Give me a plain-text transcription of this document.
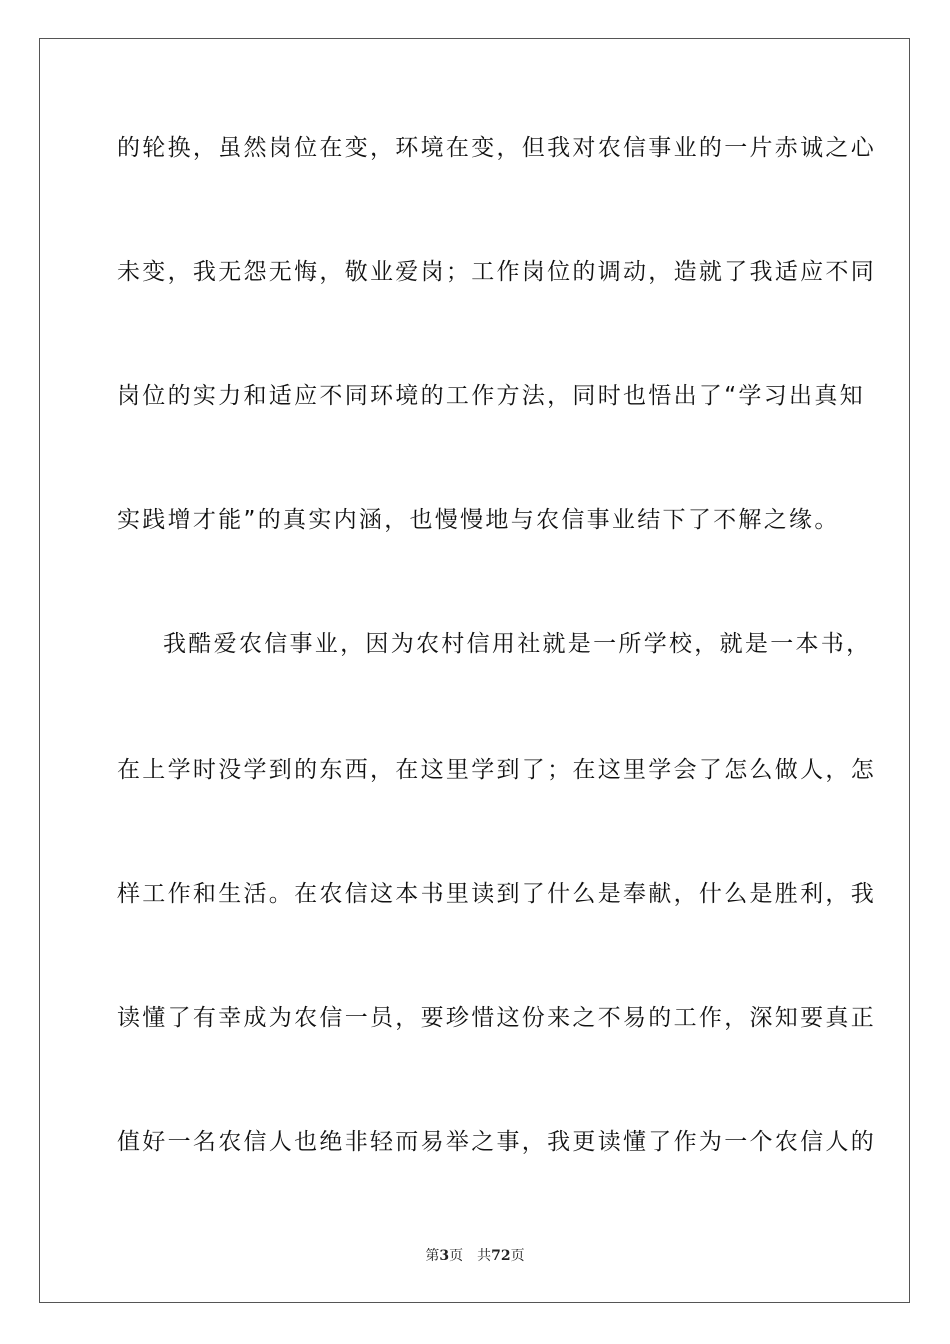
的轮换，虽然岗位在变，环境在变，但我对农信事业的一片赤诚之心
未变，我无怨无悔，敬业爱岗；工作岗位的调动，造就了我适应不同
岗位的实力和适应不同环境的工作方法，同时也悟出了“学习出真知
实践增才能”的真实内涵，也慢慢地与农信事业结下了不解之缘。
我酷爱农信事业，因为农村信用社就是一所学校，就是一本书，
在上学时没学到的东西，在这里学到了；在这里学会了怎么做人，怎
样工作和生活。在农信这本书里读到了什么是奉献，什么是胜利，我
读懂了有幸成为农信一员，要珍惜这份来之不易的工作，深知要真正
值好一名农信人也绝非轻而易举之事，我更读懂了作为一个农信人的
第3页 共72页
